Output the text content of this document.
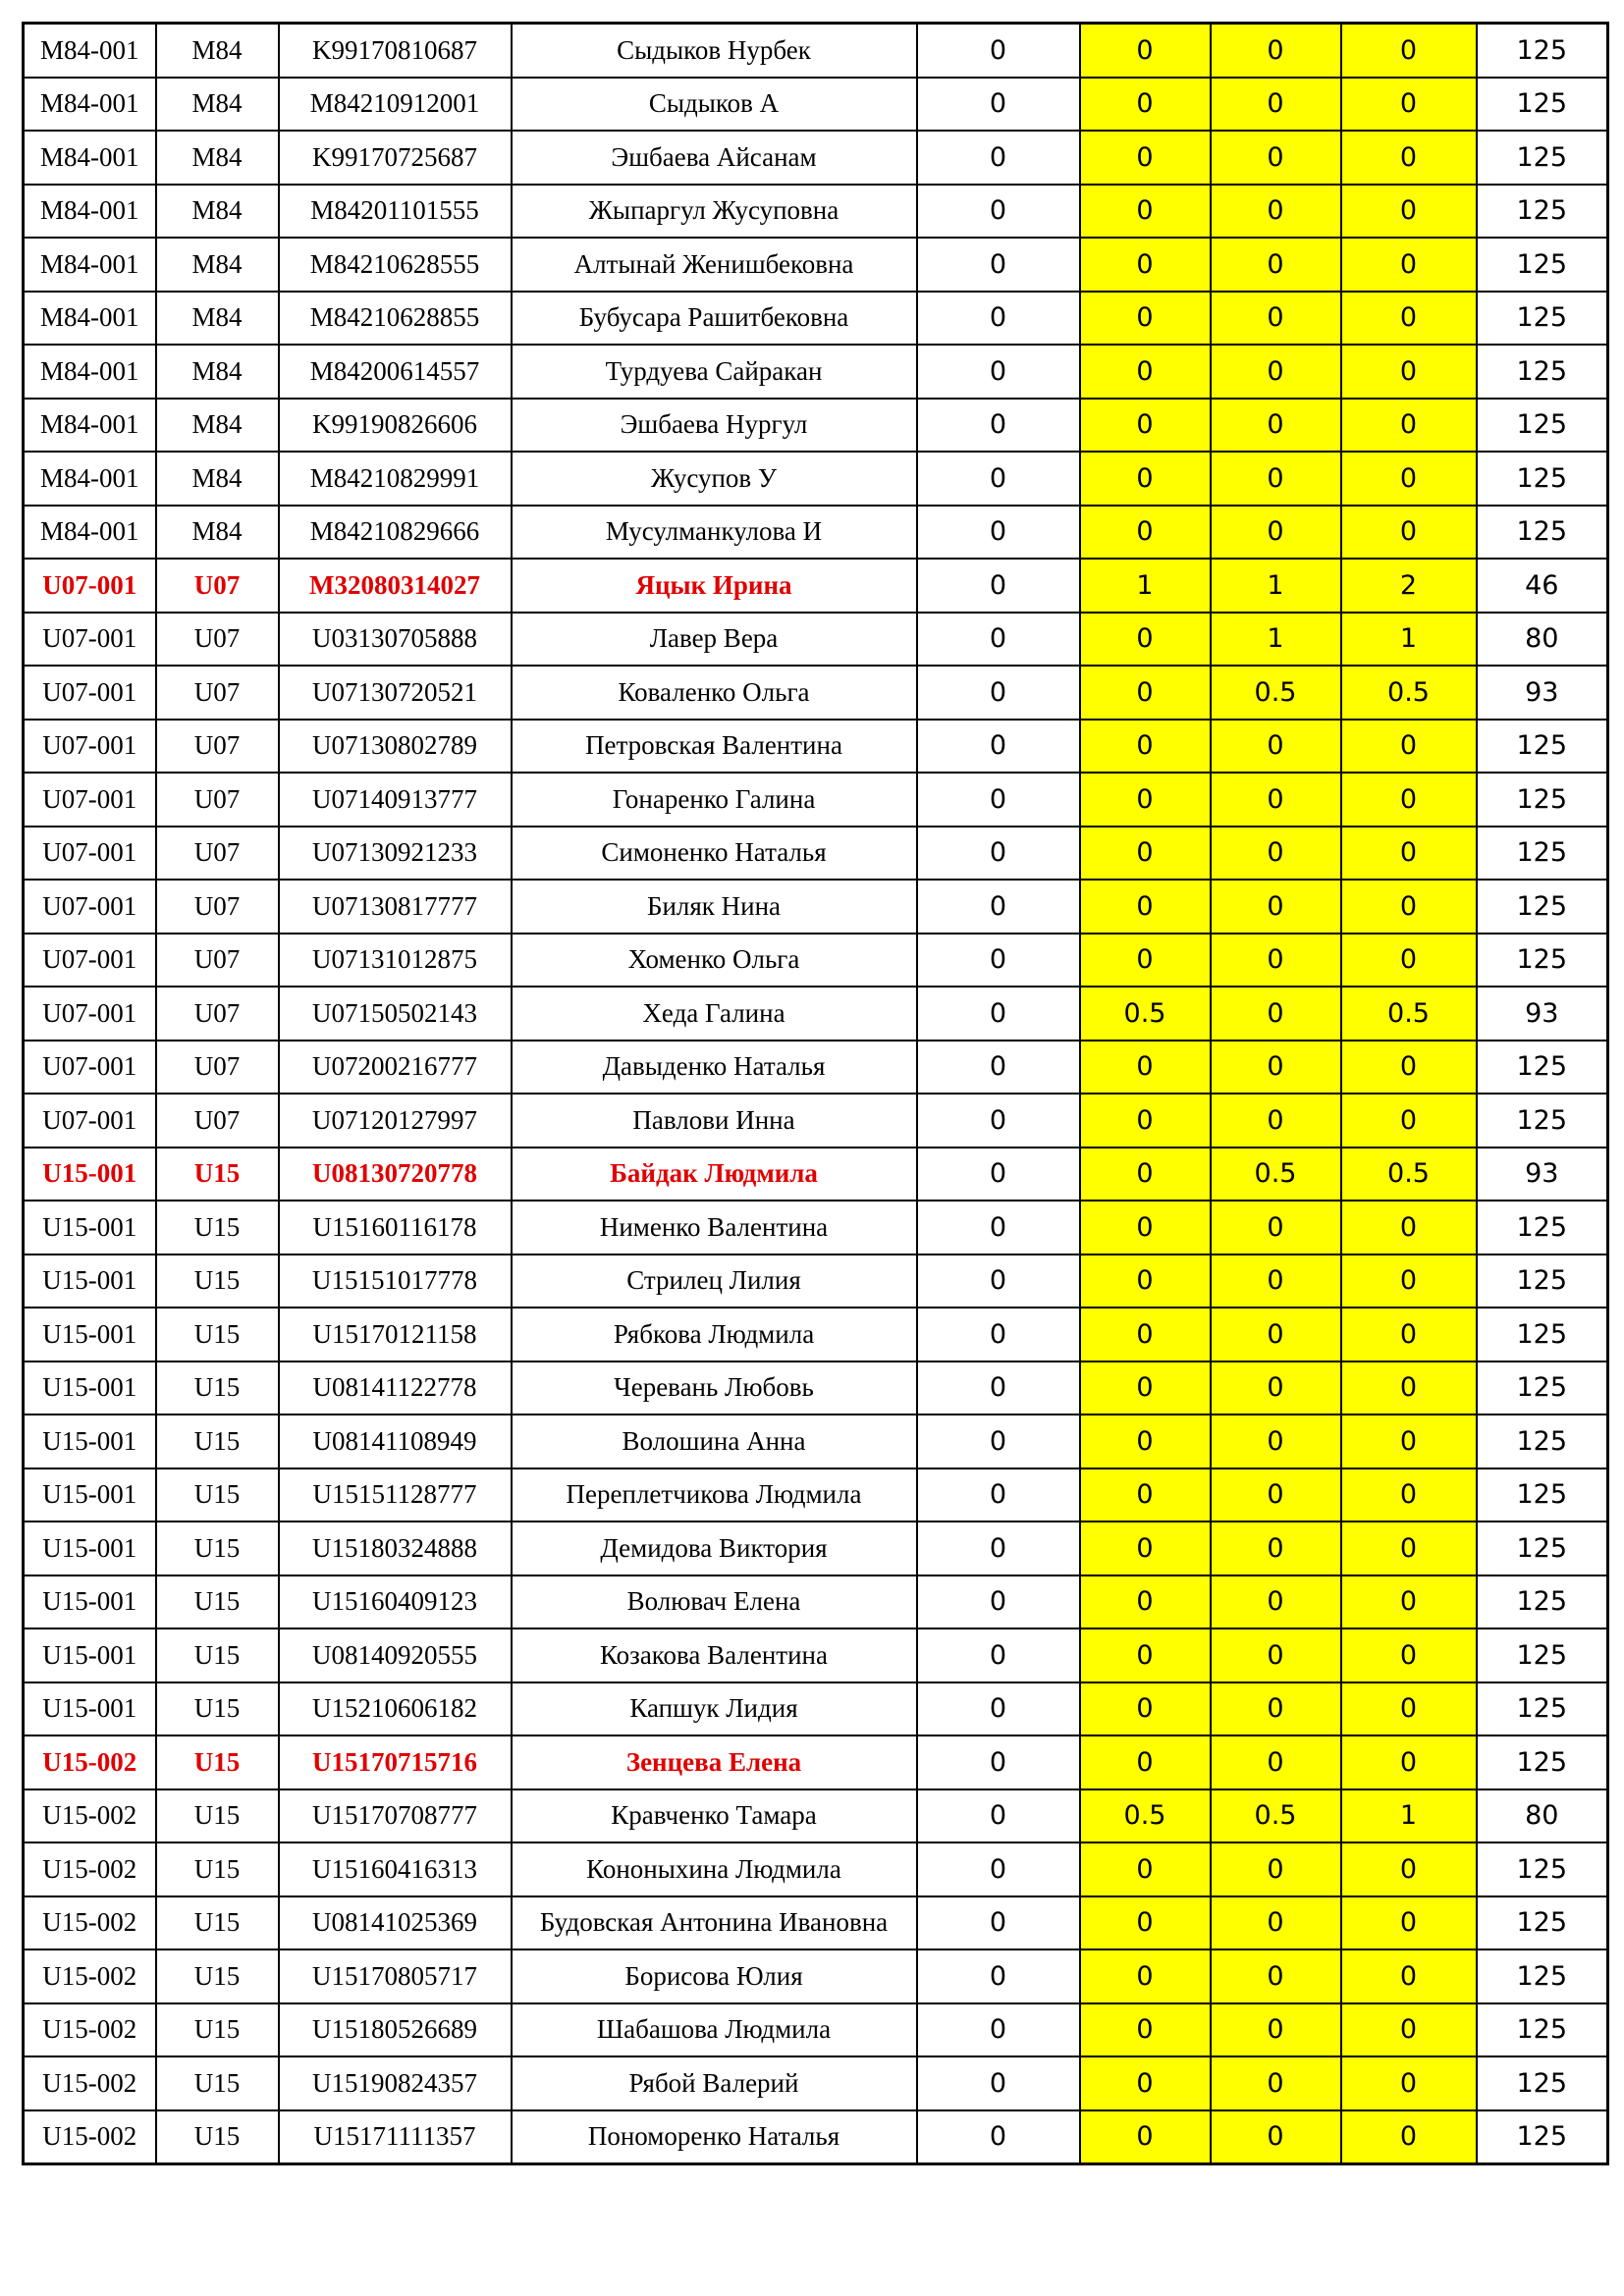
M84-001	M84	K99170810687	Сыдыков Нурбек	0	0	0	0	125
M84-001	M84	M84210912001	Сыдыков А	0	0	0	0	125
M84-001	M84	K99170725687	Эшбаева Айсанам	0	0	0	0	125
M84-001	M84	M84201101555	Жыпаргул Жусуповна	0	0	0	0	125
M84-001	M84	M84210628555	Алтынай Женишбековна	0	0	0	0	125
M84-001	M84	M84210628855	Бубусара Рашитбековна	0	0	0	0	125
M84-001	M84	M84200614557	Турдуева Сайракан	0	0	0	0	125
M84-001	M84	K99190826606	Эшбаева Нургул	0	0	0	0	125
M84-001	M84	M84210829991	Жусупов У	0	0	0	0	125
M84-001	M84	M84210829666	Мусулманкулова И	0	0	0	0	125
U07-001	U07	M32080314027	Яцык Ирина	0	1	1	2	46
U07-001	U07	U03130705888	Лавер Вера	0	0	1	1	80
U07-001	U07	U07130720521	Коваленко Ольга	0	0	0.5	0.5	93
U07-001	U07	U07130802789	Петровская Валентина	0	0	0	0	125
U07-001	U07	U07140913777	Гонаренко Галина	0	0	0	0	125
U07-001	U07	U07130921233	Симоненко Наталья	0	0	0	0	125
U07-001	U07	U07130817777	Биляк Нина	0	0	0	0	125
U07-001	U07	U07131012875	Хоменко Ольга	0	0	0	0	125
U07-001	U07	U07150502143	Хеда Галина	0	0.5	0	0.5	93
U07-001	U07	U07200216777	Давыденко Наталья	0	0	0	0	125
U07-001	U07	U07120127997	Павлови Инна	0	0	0	0	125
U15-001	U15	U08130720778	Байдак Людмила	0	0	0.5	0.5	93
U15-001	U15	U15160116178	Нименко Валентина	0	0	0	0	125
U15-001	U15	U15151017778	Стрилец Лилия	0	0	0	0	125
U15-001	U15	U15170121158	Рябкова Людмила	0	0	0	0	125
U15-001	U15	U08141122778	Черевань Любовь	0	0	0	0	125
U15-001	U15	U08141108949	Волошина Анна	0	0	0	0	125
U15-001	U15	U15151128777	Переплетчикова Людмила	0	0	0	0	125
U15-001	U15	U15180324888	Демидова Виктория	0	0	0	0	125
U15-001	U15	U15160409123	Волювач Елена	0	0	0	0	125
U15-001	U15	U08140920555	Козакова Валентина	0	0	0	0	125
U15-001	U15	U15210606182	Капшук Лидия	0	0	0	0	125
U15-002	U15	U15170715716	Зенцева Елена	0	0	0	0	125
U15-002	U15	U15170708777	Кравченко Тамара	0	0.5	0.5	1	80
U15-002	U15	U15160416313	Кононыхина Людмила	0	0	0	0	125
U15-002	U15	U08141025369	Будовская Антонина Ивановна	0	0	0	0	125
U15-002	U15	U15170805717	Борисова Юлия	0	0	0	0	125
U15-002	U15	U15180526689	Шабашова Людмила	0	0	0	0	125
U15-002	U15	U15190824357	Рябой Валерий	0	0	0	0	125
U15-002	U15	U15171111357	Пономоренко Наталья	0	0	0	0	125
